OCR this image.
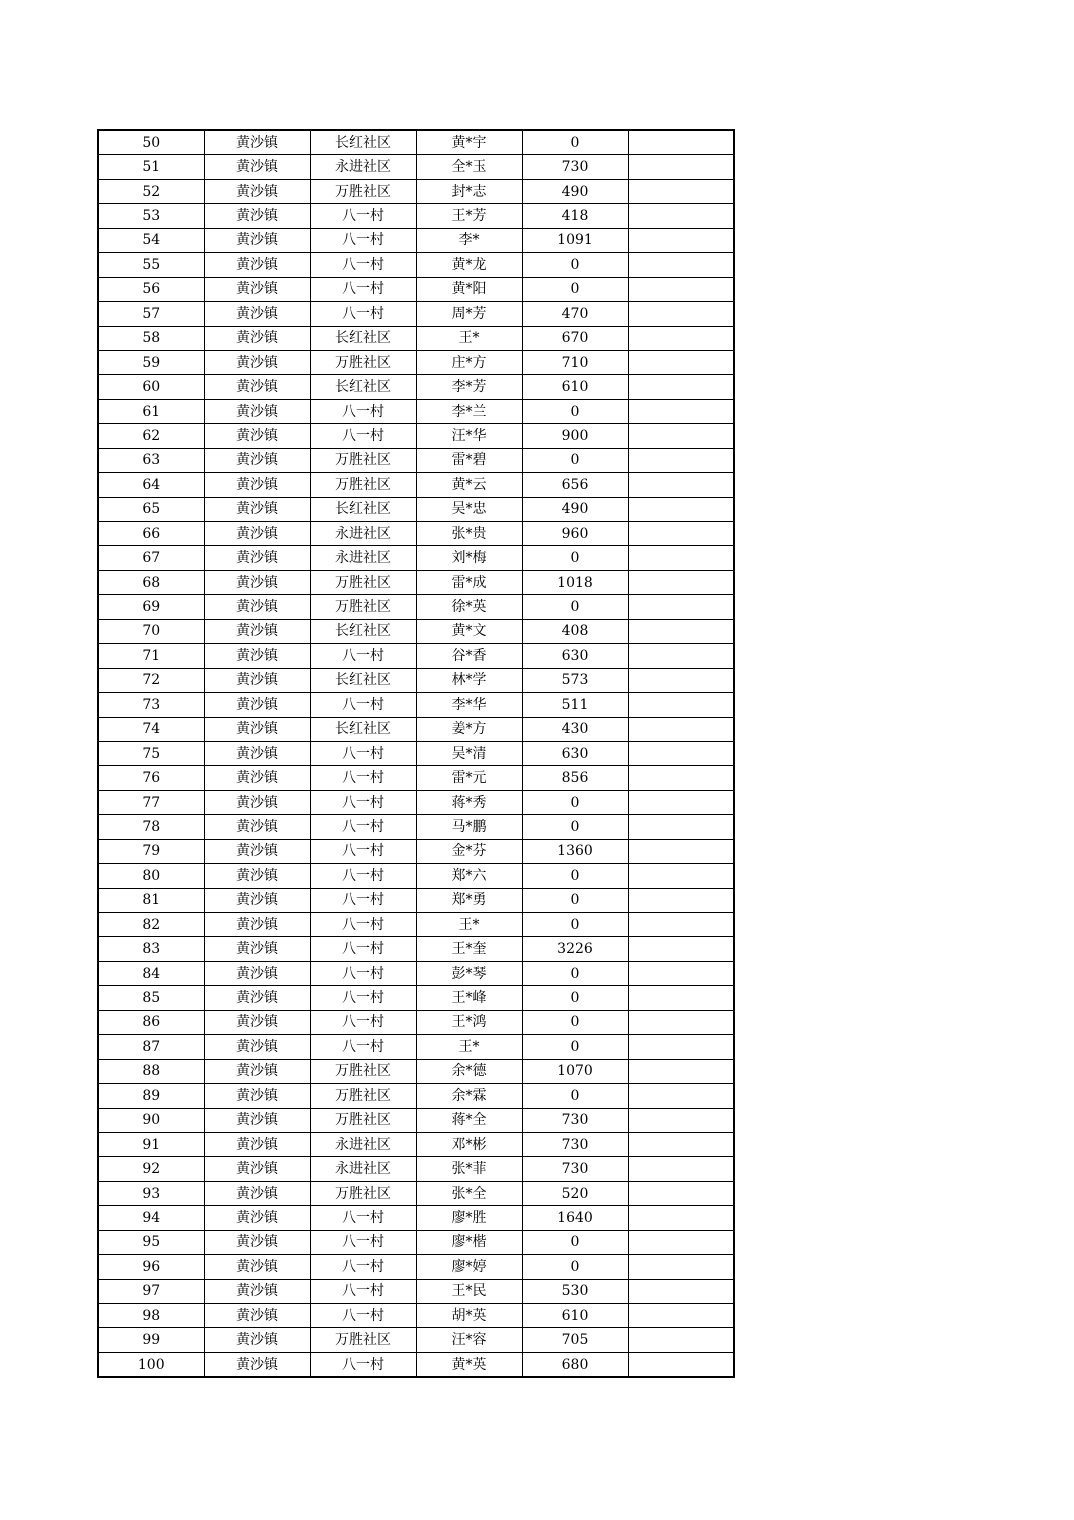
50	黄沙镇	长红社区	黄*宇	0	
51	黄沙镇	永进社区	全*玉	730	
52	黄沙镇	万胜社区	封*志	490	
53	黄沙镇	八一村	王*芳	418	
54	黄沙镇	八一村	李*	1091	
55	黄沙镇	八一村	黄*龙	0	
56	黄沙镇	八一村	黄*阳	0	
57	黄沙镇	八一村	周*芳	470	
58	黄沙镇	长红社区	王*	670	
59	黄沙镇	万胜社区	庄*方	710	
60	黄沙镇	长红社区	李*芳	610	
61	黄沙镇	八一村	李*兰	0	
62	黄沙镇	八一村	汪*华	900	
63	黄沙镇	万胜社区	雷*碧	0	
64	黄沙镇	万胜社区	黄*云	656	
65	黄沙镇	长红社区	吴*忠	490	
66	黄沙镇	永进社区	张*贵	960	
67	黄沙镇	永进社区	刘*梅	0	
68	黄沙镇	万胜社区	雷*成	1018	
69	黄沙镇	万胜社区	徐*英	0	
70	黄沙镇	长红社区	黄*文	408	
71	黄沙镇	八一村	谷*香	630	
72	黄沙镇	长红社区	林*学	573	
73	黄沙镇	八一村	李*华	511	
74	黄沙镇	长红社区	姜*方	430	
75	黄沙镇	八一村	吴*清	630	
76	黄沙镇	八一村	雷*元	856	
77	黄沙镇	八一村	蒋*秀	0	
78	黄沙镇	八一村	马*鹏	0	
79	黄沙镇	八一村	金*芬	1360	
80	黄沙镇	八一村	郑*六	0	
81	黄沙镇	八一村	郑*勇	0	
82	黄沙镇	八一村	王*	0	
83	黄沙镇	八一村	王*奎	3226	
84	黄沙镇	八一村	彭*琴	0	
85	黄沙镇	八一村	王*峰	0	
86	黄沙镇	八一村	王*鸿	0	
87	黄沙镇	八一村	王*	0	
88	黄沙镇	万胜社区	余*德	1070	
89	黄沙镇	万胜社区	余*霖	0	
90	黄沙镇	万胜社区	蒋*全	730	
91	黄沙镇	永进社区	邓*彬	730	
92	黄沙镇	永进社区	张*菲	730	
93	黄沙镇	万胜社区	张*全	520	
94	黄沙镇	八一村	廖*胜	1640	
95	黄沙镇	八一村	廖*楷	0	
96	黄沙镇	八一村	廖*婷	0	
97	黄沙镇	八一村	王*民	530	
98	黄沙镇	八一村	胡*英	610	
99	黄沙镇	万胜社区	汪*容	705	
100	黄沙镇	八一村	黄*英	680	
